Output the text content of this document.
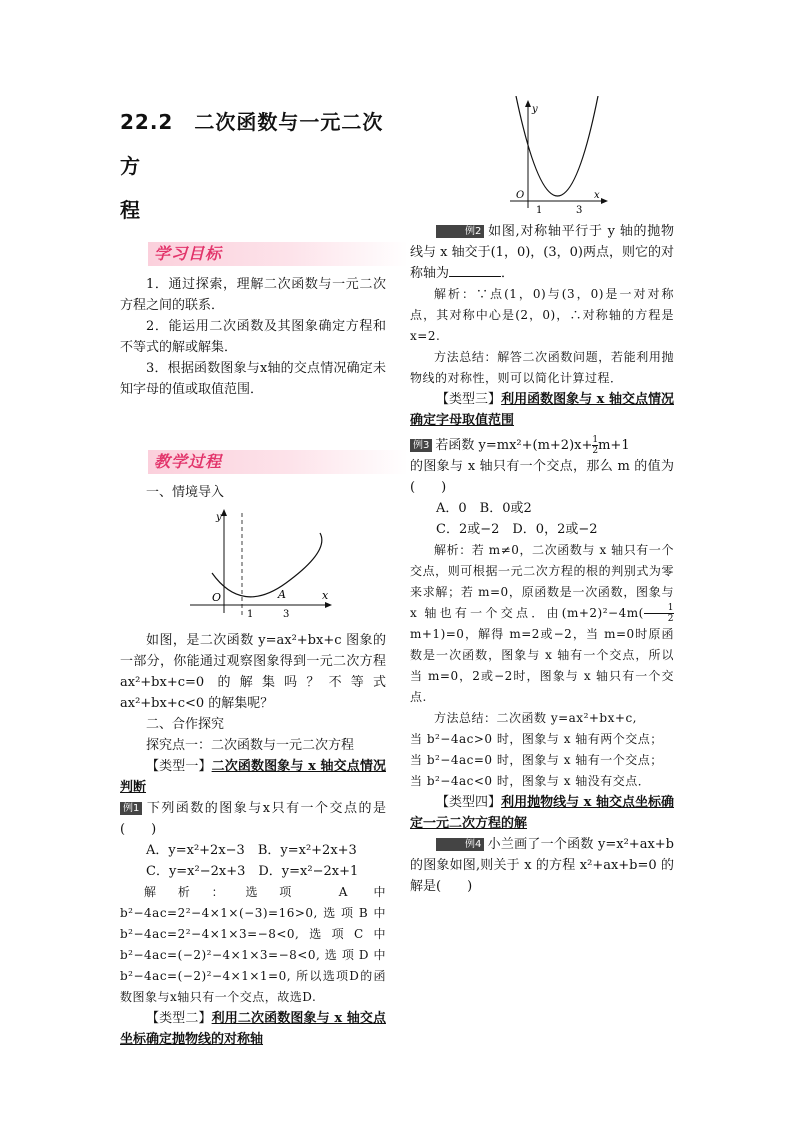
22.2　二次函数与一元二次方
程
学习目标

1．通过探索，理解二次函数与一元二次方程之间的联系．

2．能运用二次函数及其图象确定方程和不等式的解或解集．

3．根据函数图象与x轴的交点情况确定未知字母的值或取值范围．

教学过程

一、情境导入

y
O	A
1	3
x

如图，是二次函数 y=ax²+bx+c 图象的一部分，你能通过观察图象得到一元二次方程 ax²+bx+c=0 的解集吗？不等式 ax²+bx+c<0 的解集呢？

二、合作探究

探究点一：二次函数与一元二次方程

【类型一】二次函数图象与 x 轴交点情况判断

例1 下列函数的图象与x只有一个交点的是(　　)

A．y=x²+2x−3　B．y=x²+2x+3

C．y=x²−2x+3　D．y=x²−2x+1

解析：选项 A 中 b²−4ac=2²−4×1×(−3)=16>0,选项B中 b²−4ac=2²−4×1×3=−8<0,选项C中 b²−4ac=(−2)²−4×1×3=−8<0,选项D中 b²−4ac=(−2)²−4×1×1=0, 所以选项D的函数图象与x轴只有一个交点，故选D.

【类型二】利用二次函数图象与 x 轴交点坐标确定抛物线的对称轴

y
O
1	3
x

例2 如图,对称轴平行于 y 轴的抛物线与 x 轴交于(1，0)，(3，0)两点，则它的对称轴为	．

解析：∵点(1，0)与(3，0)是一对对称点，其对称中心是(2，0)，∴对称轴的方程是 x=2.

方法总结：解答二次函数问题，若能利用抛物线的对称性，则可以简化计算过程．

【类型三】利用函数图象与 x 轴交点情况确定字母取值范围

例3 若函数 $y=mx^2+(m+2)x+ \frac{1}{2} m+1$

的图象与 x 轴只有一个交点，那么 m 的值为(　　)

A．0　B．0或2

C．2或−2　D．0，2或−2

解析：若 m≠0，二次函数与 x 轴只有一个交点，则可根据一元二次方程的根的判别式为零来求解；若 m=0，原函数是一次函数，图象与 x 轴也有一个交点．由$(m+2)^2-4m( \frac{1}{2}$
m+1)=0，解得 m=2或−2，当 m=0时原函数是一次函数，图象与 x 轴有一个交点，所以当 m=0，2或−2时，图象与 x 轴只有一个交点.

方法总结：二次函数 y=ax²+bx+c,

当 b²−4ac>0 时，图象与 x 轴有两个交点；

当 b²−4ac=0 时，图象与 x 轴有一个交点；

当 b²−4ac<0 时，图象与 x 轴没有交点．

【类型四】利用抛物线与 x 轴交点坐标确定一元二次方程的解

例4 小兰画了一个函数 y=x²+ax+b 的图象如图,则关于 x 的方程 x²+ax+b=0 的解是(　　)
